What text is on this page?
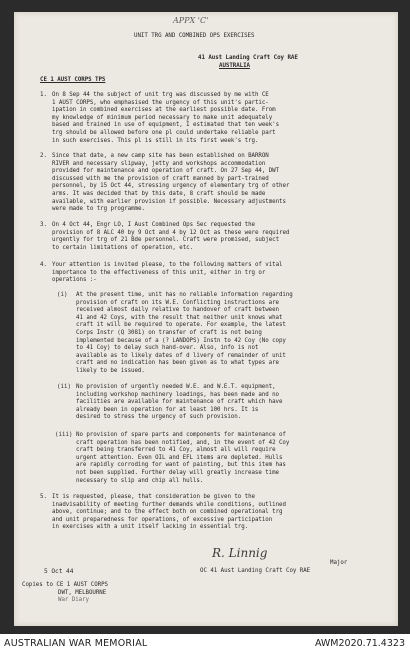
APPX 'C'
UNIT TRG AND COMBINED OPS EXERCISES
41 Aust Landing Craft Coy RAE
AUSTRALIA
CE 1 AUST CORPS TPS
1. On 8 Sep 44 the subject of unit trg was discussed by me with CE
1 AUST CORPS, who emphasised the urgency of this unit's partic-
ipation in combined exercises at the earliest possible date. From
my knowledge of minimum period necessary to make unit adequately
based and trained in use of equipment, I estimated that ten week's
trg should be allowed before one pl could undertake reliable part
in such exercises. This pl is still in its first week's trg.
2. Since that date, a new camp site has been established on BARRON
RIVER and necessary slipway, jetty and workshops accommodation
provided for maintenance and operation of craft. On 27 Sep 44, DWT
discussed with me the provision of craft manned by part-trained
personnel, by 15 Oct 44, stressing urgency of elementary trg of other
arms. It was decided that by this date, 8 craft should be made
available, with earlier provision if possible. Necessary adjustments
were made to trg programme.
3. On 4 Oct 44, Engr LO, I Aust Combined Ops Sec requested the
provision of 8 ALC 40 by 9 Oct and 4 by 12 Oct as these were required
urgently for trg of 21 Bde personnel. Craft were promised, subject
to certain limitations of operation, etc.
4. Your attention is invited please, to the following matters of vital
importance to the effectiveness of this unit, either in trg or
operations :-
(i) At the present time, unit has no reliable information regarding
provision of craft on its W.E. Conflicting instructions are
received almost daily relative to handover of craft between
41 and 42 Coys, with the result that neither unit knows what
craft it will be required to operate. For example, the latest
Corps Instr (Q 3081) on transfer of craft is not being
implemented because of a (? LANDOPS) Instn to 42 Coy (No copy
to 41 Coy) to delay such hand-over. Also, info is not
available as to likely dates of d livery of remainder of unit
craft and no indication has been given as to what types are
likely to be issued.
(ii) No provision of urgently needed W.E. and W.E.T. equipment,
including workshop machinery loadings, has been made and no
facilities are available for maintenance of craft which have
already been in operation for at least 100 hrs. It is
desired to stress the urgency of such provision.
(iii) No provision of spare parts and components for maintenance of
craft operation has been notified, and, in the event of 42 Coy
craft being transferred to 41 Coy, almost all will require
urgent attention. Even OIL and EFL items are depleted. Hulls
are rapidly corroding for want of painting, but this item has
not been supplied. Further delay will greatly increase time
necessary to slip and chip all hulls.
5. It is requested, please, that consideration be given to the
inadvisability of meeting further demands while conditions, outlined
above, continue; and to the effect both on combined operational trg
and unit preparedness for operations, of excessive participation
in exercises with a unit itself lacking in essential trg.
R. Linnig
Major
5 Oct 44	OC 41 Aust Landing Craft Coy RAE
Copies to CE 1 AUST CORPS
DWT, MELBOURNE
War Diary
AUSTRALIAN WAR MEMORIAL	AWM2020.71.4323
